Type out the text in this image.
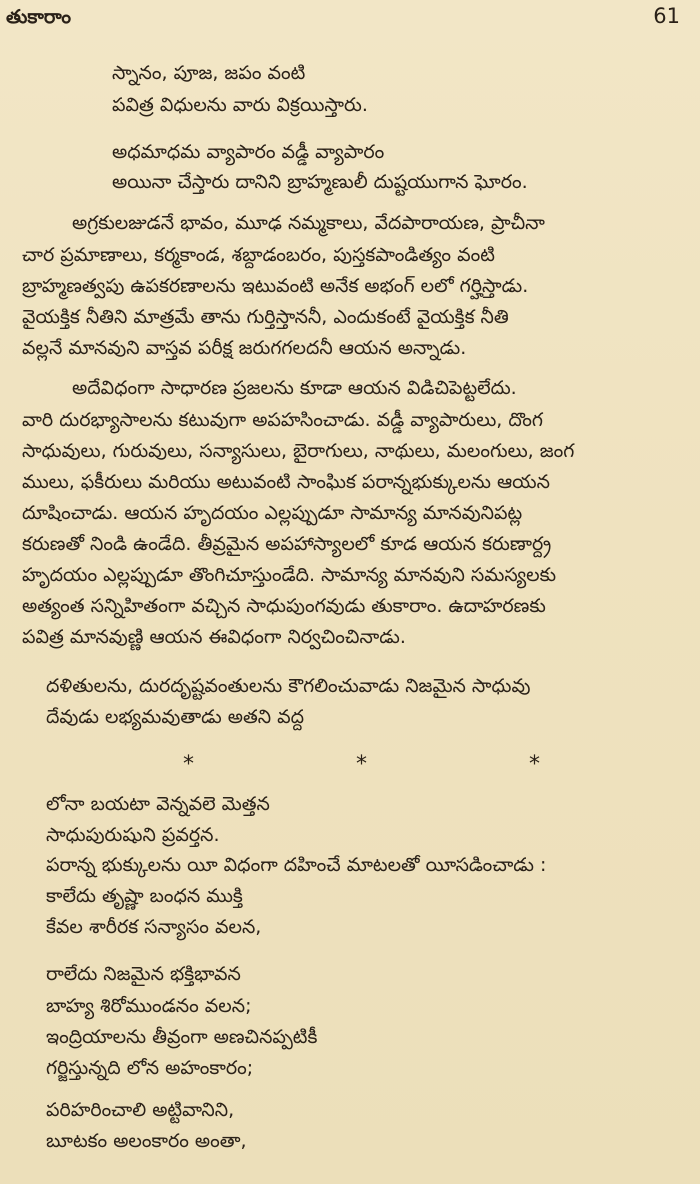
తుకారాం	61
స్నానం, పూజ, జపం వంటి
పవిత్ర విధులను వారు విక్రయిస్తారు.
అధమాధమ వ్యాపారం వడ్డీ వ్యాపారం
అయినా చేస్తారు దానిని బ్రాహ్మణులీ దుష్టయుగాన ఘోరం.
అగ్రకులజుడనే భావం, మూఢ నమ్మకాలు, వేదపారాయణ, ప్రాచీనా
చార ప్రమాణాలు, కర్మకాండ, శబ్దాడంబరం, పుస్తకపాండిత్యం వంటి
బ్రాహ్మణత్వపు ఉపకరణాలను ఇటువంటి అనేక అభంగ్ లలో గర్హిస్తాడు.
వైయక్తిక నీతిని మాత్రమే తాను గుర్తిస్తాననీ, ఎందుకంటే వైయక్తిక నీతి
వల్లనే మానవుని వాస్తవ పరీక్ష జరుగగలదనీ ఆయన అన్నాడు.
అదేవిధంగా సాధారణ ప్రజలను కూడా ఆయన విడిచిపెట్టలేదు.
వారి దురభ్యాసాలను కటువుగా అపహసించాడు. వడ్డీ వ్యాపారులు, దొంగ
సాధువులు, గురువులు, సన్యాసులు, బైరాగులు, నాథులు, మలంగులు, జంగ
ములు, ఫకీరులు మరియు అటువంటి సాంఘిక పరాన్నభుక్కులను ఆయన
దూషించాడు. ఆయన హృదయం ఎల్లప్పుడూ సామాన్య మానవునిపట్ల
కరుణతో నిండి ఉండేది. తీవ్రమైన అపహాస్యాలలో కూడ ఆయన కరుణార్ద్ర
హృదయం ఎల్లప్పుడూ తొంగిచూస్తుండేది. సామాన్య మానవుని సమస్యలకు
అత్యంత సన్నిహితంగా వచ్చిన సాధుపుంగవుడు తుకారాం. ఉదాహరణకు
పవిత్ర మానవుణ్ణి ఆయన ఈవిధంగా నిర్వచించినాడు.
దళితులను, దురదృష్టవంతులను కౌగలించువాడు నిజమైన సాధువు
దేవుడు లభ్యమవుతాడు అతని వద్ద
*	*	*
లోనా బయటా వెన్నవలె మెత్తన
సాధుపురుషుని ప్రవర్తన.
పరాన్న భుక్కులను యీ విధంగా దహించే మాటలతో యీసడించాడు :
కాలేదు తృష్ణా బంధన ముక్తి
కేవల శారీరక సన్యాసం వలన,
రాలేదు నిజమైన భక్తిభావన
బాహ్య శిరోముండనం వలన;
ఇంద్రియాలను తీవ్రంగా అణచినప్పటికీ
గర్జిస్తున్నది లోన అహంకారం;
పరిహరించాలి అట్టివానిని,
బూటకం అలంకారం అంతా,
